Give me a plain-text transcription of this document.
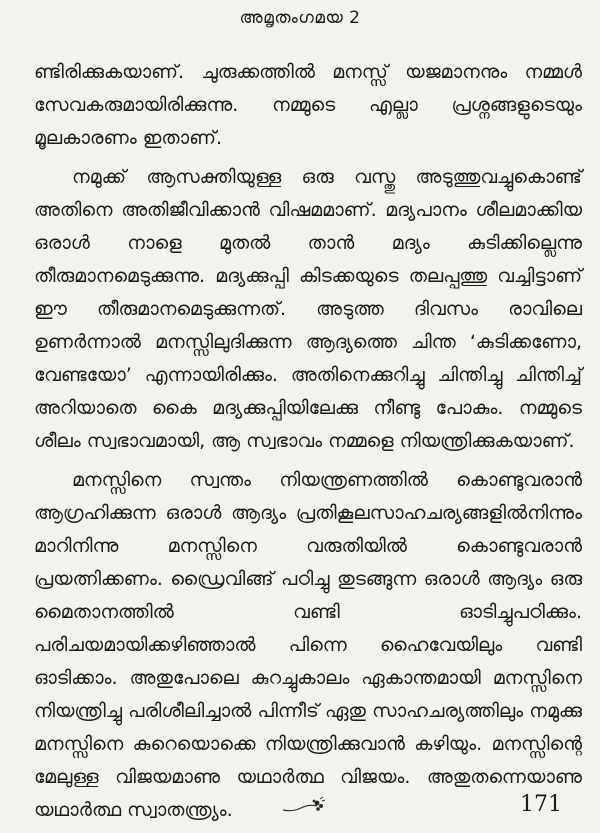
അമൃതംഗമയ 2

ണ്ടിരിക്കുകയാണ്. ചുരുക്കത്തിൽ മനസ്സ് യജമാനനും നമ്മൾ സേവകരുമായിരിക്കുന്നു. നമ്മുടെ എല്ലാ പ്രശ്നങ്ങളുടെയും മൂലകാരണം ഇതാണ്.

നമുക്ക് ആസക്തിയുള്ള ഒരു വസ്തു അടുത്തുവച്ചുകൊണ്ട് അതിനെ അതിജീവിക്കാൻ വിഷമമാണ്. മദ്യപാനം ശീലമാക്കിയ ഒരാൾ നാളെ മുതൽ താൻ മദ്യം കുടിക്കില്ലെന്നു തീരുമാനമെടുക്കുന്നു. മദ്യക്കുപ്പി കിടക്കയുടെ തലപ്പത്തു വച്ചിട്ടാണ് ഈ തീരുമാനമെടുക്കുന്നത്. അടുത്ത ദിവസം രാവിലെ ഉണർന്നാൽ മനസ്സിലുദിക്കുന്ന ആദ്യത്തെ ചിന്ത ‘കുടിക്കണോ, വേണ്ടയോ’ എന്നായിരിക്കും. അതിനെക്കുറിച്ചു ചിന്തിച്ചു ചിന്തിച്ച് അറിയാതെ കൈ മദ്യക്കുപ്പിയിലേക്കു നീണ്ടു പോകും. നമ്മുടെ ശീലം സ്വഭാവമായി, ആ സ്വഭാവം നമ്മളെ നിയന്ത്രിക്കുകയാണ്.

മനസ്സിനെ സ്വന്തം നിയന്ത്രണത്തിൽ കൊണ്ടുവരാൻ ആഗ്രഹിക്കുന്ന ഒരാൾ ആദ്യം പ്രതികൂലസാഹചര്യങ്ങളിൽനിന്നും മാറിനിന്നു മനസ്സിനെ വരുതിയിൽ കൊണ്ടുവരാൻ പ്രയത്നിക്കണം. ഡ്രൈവിങ്ങ് പഠിച്ചു തുടങ്ങുന്ന ഒരാൾ ആദ്യം ഒരു മൈതാനത്തിൽ വണ്ടി ഓടിച്ചുപഠിക്കും. പരിചയമായിക്കഴിഞ്ഞാൽ പിന്നെ ഹൈവേയിലും വണ്ടി ഓടിക്കാം. അതുപോലെ കുറച്ചുകാലം ഏകാന്തമായി മനസ്സിനെ നിയന്ത്രിച്ചു പരിശീലിച്ചാൽ പിന്നീട് ഏതു സാഹചര്യത്തിലും നമുക്കു മനസ്സിനെ കുറെയൊക്കെ നിയന്ത്രിക്കുവാൻ കഴിയും. മനസ്സിന്റെ മേലുള്ള വിജയമാണു യഥാർത്ഥ വിജയം. അതുതന്നെയാണു യഥാർത്ഥ സ്വാതന്ത്ര്യം.	171
